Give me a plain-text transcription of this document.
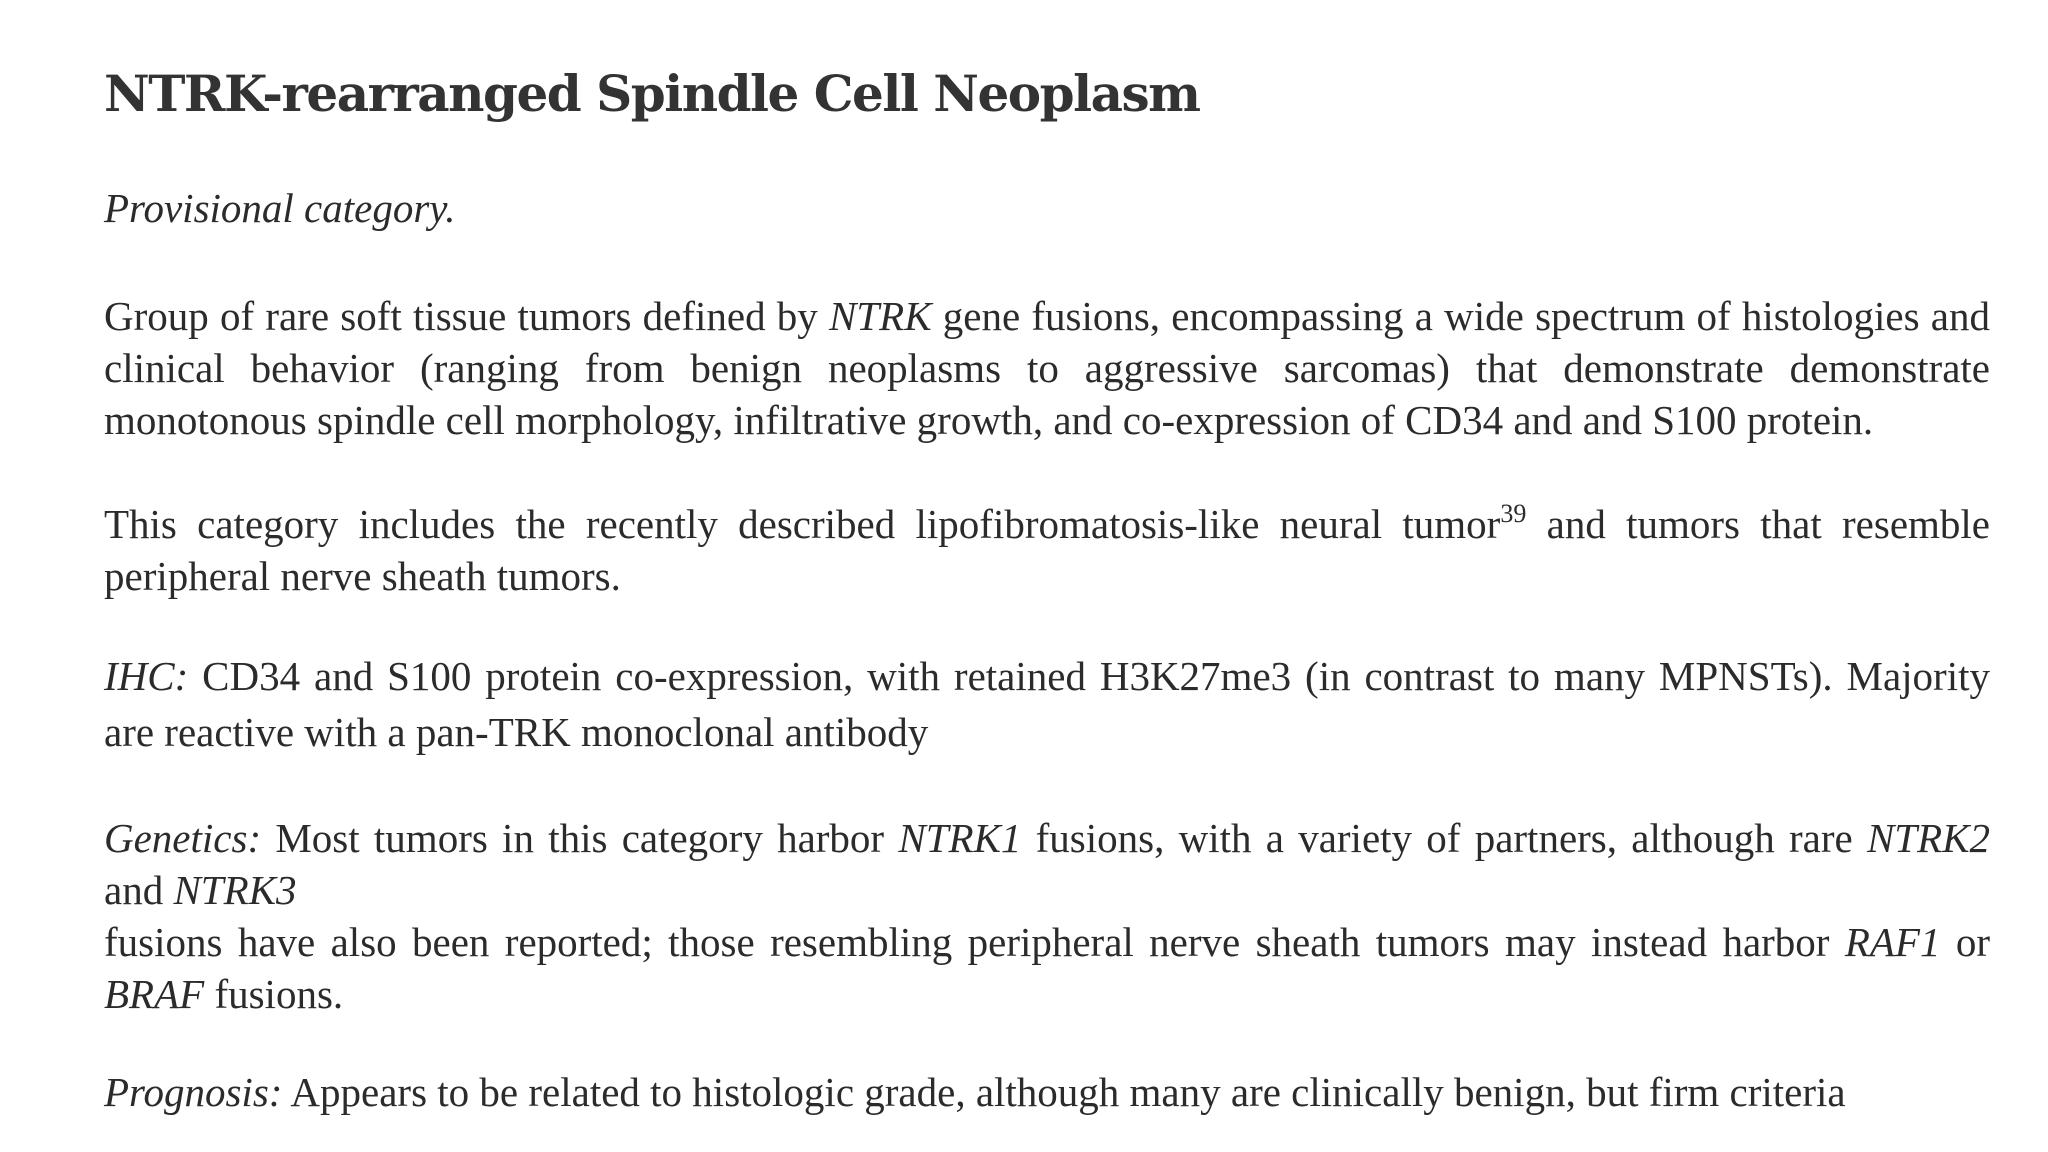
NTRK-rearranged Spindle Cell Neoplasm

Provisional category.

Group of rare soft tissue tumors defined by NTRK gene fusions, encompassing a wide spectrum of histologies and clinical behavior (ranging from benign neoplasms to aggressive sarcomas) that demonstrate demonstrate monotonous spindle cell morphology, infiltrative growth, and co-expression of CD34 and and S100 protein.

This category includes the recently described lipofibromatosis-like neural tumor$^{39}$ and tumors that resemble peripheral nerve sheath tumors.

IHC: CD34 and S100 protein co-expression, with retained H3K27me3 (in contrast to many MPNSTs). Majority are reactive with a pan-TRK monoclonal antibody

Genetics: Most tumors in this category harbor NTRK1 fusions, with a variety of partners, although rare NTRK2 and NTRK3
fusions have also been reported; those resembling peripheral nerve sheath tumors may instead harbor RAF1 or BRAF fusions.

Prognosis: Appears to be related to histologic grade, although many are clinically benign, but firm criteria
